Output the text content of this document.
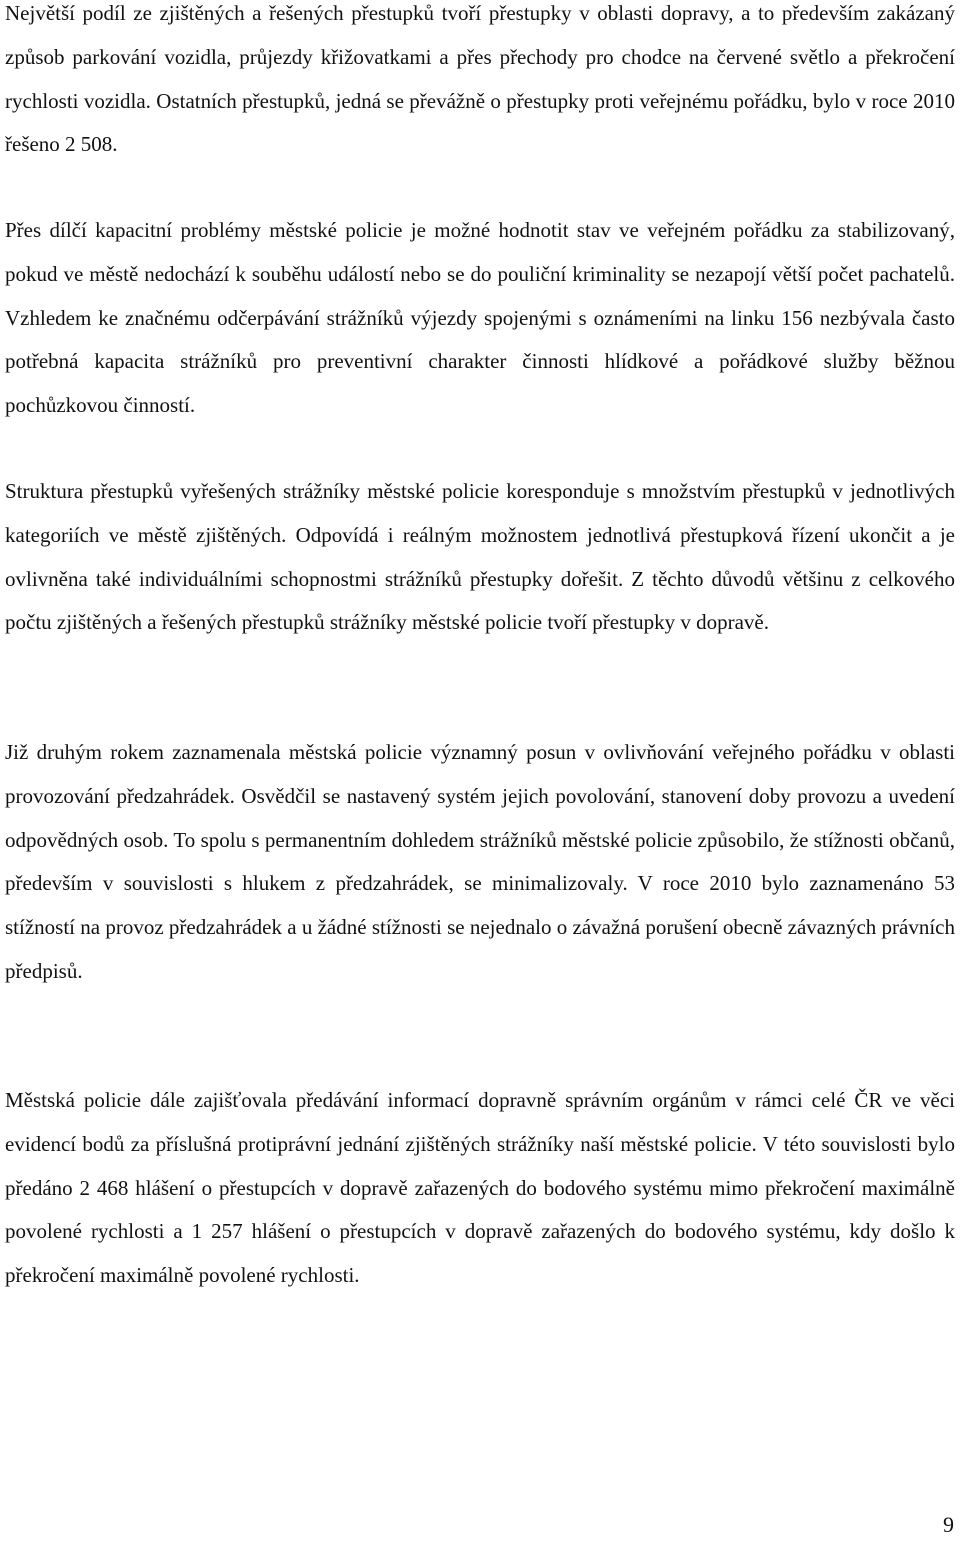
Největší podíl ze zjištěných a řešených přestupků tvoří přestupky v oblasti dopravy, a to především zakázaný způsob parkování vozidla, průjezdy křižovatkami a přes přechody pro chodce na červené světlo a překročení rychlosti vozidla. Ostatních přestupků, jedná se převážně o přestupky proti veřejnému pořádku, bylo v roce 2010 řešeno 2 508.

Přes dílčí kapacitní problémy městské policie je možné hodnotit stav ve veřejném pořádku za stabilizovaný, pokud ve městě nedochází k souběhu událostí nebo se do pouliční kriminality se nezapojí větší počet pachatelů. Vzhledem ke značnému odčerpávání strážníků výjezdy spojenými s oznámeními na linku 156 nezbývala často potřebná kapacita strážníků pro preventivní charakter činnosti hlídkové a pořádkové služby běžnou pochůzkovou činností.

Struktura přestupků vyřešených strážníky městské policie koresponduje s množstvím přestupků v jednotlivých kategoriích ve městě zjištěných. Odpovídá i reálným možnostem jednotlivá přestupková řízení ukončit a je ovlivněna také individuálními schopnostmi strážníků přestupky dořešit. Z těchto důvodů většinu z celkového počtu zjištěných a řešených přestupků strážníky městské policie tvoří přestupky v dopravě.

Již druhým rokem zaznamenala městská policie významný posun v ovlivňování veřejného pořádku v oblasti provozování předzahrádek. Osvědčil se nastavený systém jejich povolování, stanovení doby provozu a uvedení odpovědných osob. To spolu s permanentním dohledem strážníků městské policie způsobilo, že stížnosti občanů, především v souvislosti s hlukem z předzahrádek, se minimalizovaly. V roce 2010 bylo zaznamenáno 53 stížností na provoz předzahrádek a u žádné stížnosti se nejednalo o závažná porušení obecně závazných právních předpisů.

Městská policie dále zajišťovala předávání informací dopravně správním orgánům v rámci celé ČR ve věci evidencí bodů za příslušná protiprávní jednání zjištěných strážníky naší městské policie. V této souvislosti bylo předáno 2 468 hlášení o přestupcích v dopravě zařazených do bodového systému mimo překročení maximálně povolené rychlosti a 1 257 hlášení o přestupcích v dopravě zařazených do bodového systému, kdy došlo k překročení maximálně povolené rychlosti.

9
